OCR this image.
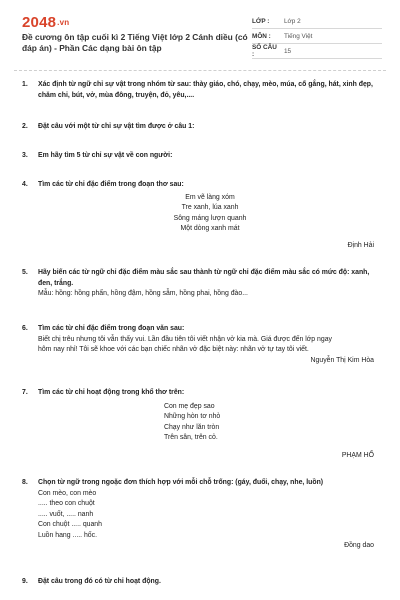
2048.vn
Đề cương ôn tập cuối kì 2 Tiếng Việt lớp 2 Cánh diều (có đáp án) - Phần Các dạng bài ôn tập
LỚP :	Lớp 2
MÔN :	Tiếng Việt
SỐ CÂU :	15
1.	Xác định từ ngữ chỉ sự vật trong nhóm từ sau: thày giáo, chó, chạy, mèo, múa, cố gắng, hát, xinh đẹp, chăm chỉ, bút, vở, mùa đông, truyện, đỏ, yêu,....
2.	Đặt câu với một từ chỉ sự vật tìm được ở câu 1:
3.	Em hãy tìm 5 từ chỉ sự vật về con người:
4.	Tìm các từ chỉ đặc điểm trong đoạn thơ sau:
Em vẽ làng xóm
Tre xanh, lúa xanh
Sông máng lượn quanh
Một dòng xanh mát
Định Hải
5.	Hãy biến các từ ngữ chỉ đặc điểm màu sắc sau thành từ ngữ chỉ đặc điểm màu sắc có mức độ: xanh, đen, trắng.
Mẫu: hồng: hồng phấn, hồng đậm, hồng sẫm, hồng phai, hồng đào...
6.	Tìm các từ chỉ đặc điểm trong đoạn văn sau:
Biết chị trêu nhưng tôi vẫn thấy vui. Lần đầu tiên tôi viết nhận vở kia mà. Giá được đến lớp ngay
hôm nay nhỉ! Tôi sẽ khoe với các bạn chiếc nhãn vở đặc biệt này: nhãn vở tự tay tôi viết.
Nguyễn Thị Kim Hòa
7.	Tìm các từ chỉ hoạt động trong khổ thơ trên:
Con mẹ đẹp sao
Những hòn tơ nhỏ
Chạy như lăn tròn
Trên sân, trên cỏ.
PHẠM HỔ
8.	Chọn từ ngữ trong ngoặc đơn thích hợp với mỗi chỗ trống: (gáy, đuổi, chạy, nhe, luồn)
Con mèo, con mèo
..... theo con chuột
..... vuốt, ..... nanh
Con chuột ..... quanh
Luồn hang ..... hốc.
Đồng dao
9.	Đặt câu trong đó có từ chỉ hoạt động.
